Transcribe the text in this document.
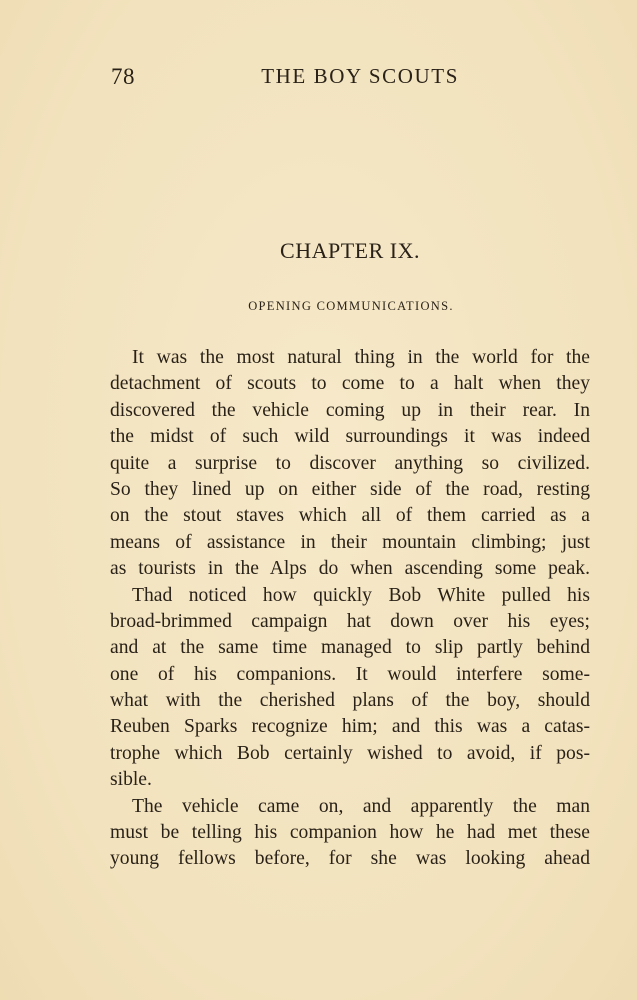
78	THE BOY SCOUTS
CHAPTER IX.
OPENING COMMUNICATIONS.
It was the most natural thing in the world for the
detachment of scouts to come to a halt when they
discovered the vehicle coming up in their rear. In
the midst of such wild surroundings it was indeed
quite a surprise to discover anything so civilized.
So they lined up on either side of the road, resting
on the stout staves which all of them carried as a
means of assistance in their mountain climbing; just
as tourists in the Alps do when ascending some peak.
Thad noticed how quickly Bob White pulled his
broad-brimmed campaign hat down over his eyes;
and at the same time managed to slip partly behind
one of his companions. It would interfere some-
what with the cherished plans of the boy, should
Reuben Sparks recognize him; and this was a catas-
trophe which Bob certainly wished to avoid, if pos-
sible.
The vehicle came on, and apparently the man
must be telling his companion how he had met these
young fellows before, for she was looking ahead
